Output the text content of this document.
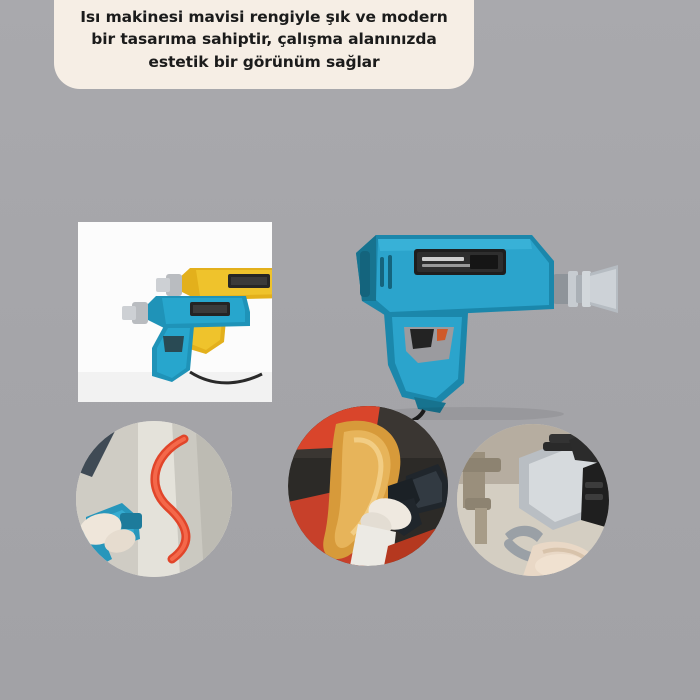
Isı makinesi mavisi rengiyle şık ve modern bir tasarıma sahiptir, çalışma alanınızda estetik bir görünüm sağlar
